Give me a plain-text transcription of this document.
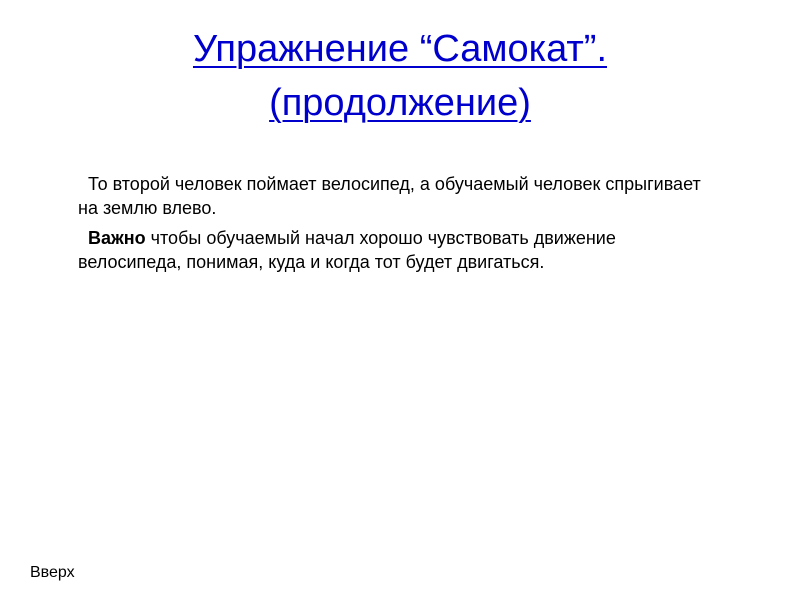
Упражнение “Самокат”.
(продолжение)

То второй человек поймает велосипед, а обучаемый человек спрыгивает на землю влево.

Важно чтобы обучаемый начал хорошо чувствовать движение велосипеда, понимая, куда и когда тот будет двигаться.

Вверх
